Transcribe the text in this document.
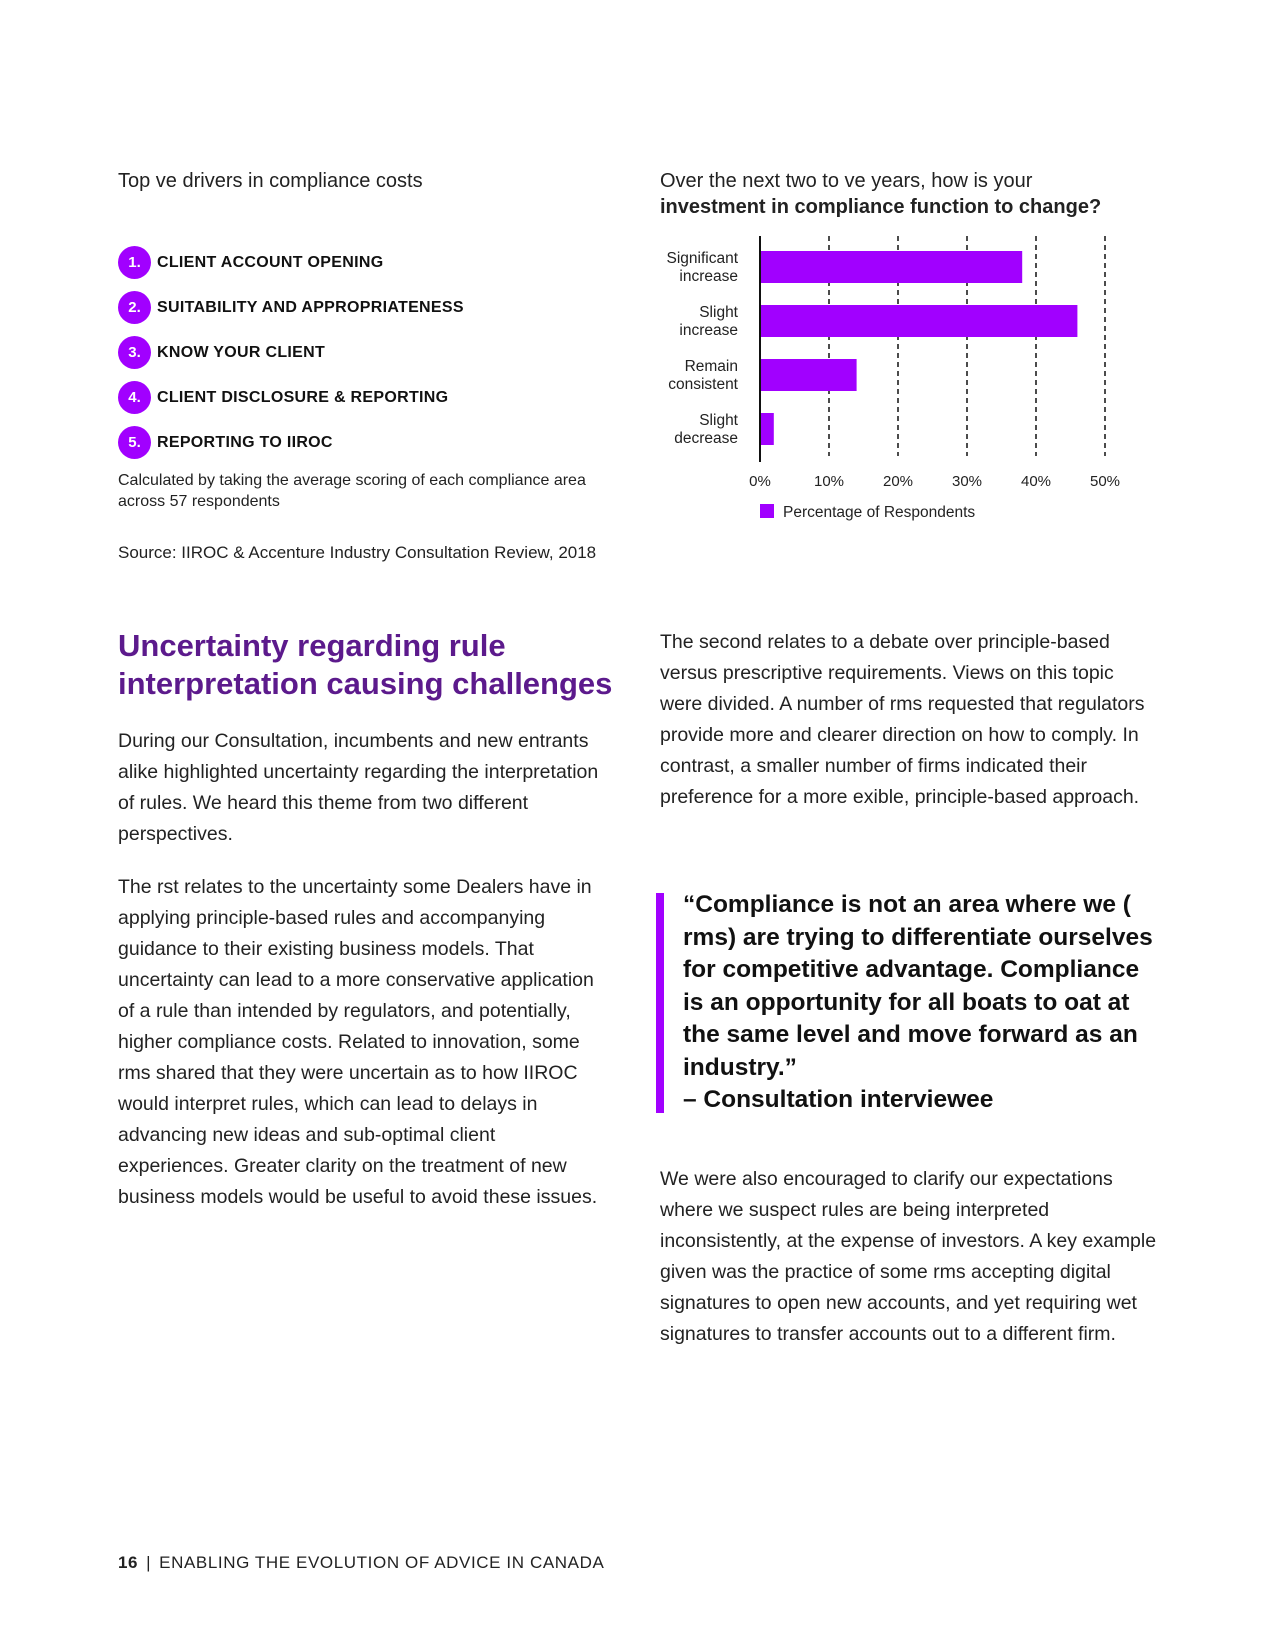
Top ve drivers in compliance costs
1.	CLIENT ACCOUNT OPENING
2.	SUITABILITY AND APPROPRIATENESS
3.	KNOW YOUR CLIENT
4.	CLIENT DISCLOSURE & REPORTING
5.	REPORTING TO IIROC
Calculated by taking the average scoring of each compliance area across 57 respondents
Over the next two to ve years, how is your
investment in compliance function to change?
0%	10%	20%	30%	40%	50%
Significant
increase
Slight
increase
Remain
consistent
Slight
decrease
Percentage of Respondents
Source: IIROC & Accenture Industry Consultation Review, 2018
Uncertainty regarding rule interpretation causing challenges

During our Consultation, incumbents and new entrants alike highlighted uncertainty regarding the interpretation of rules. We heard this theme from two different perspectives.

The rst relates to the uncertainty some Dealers have in applying principle-based rules and accompanying guidance to their existing business models. That uncertainty can lead to a more conservative application of a rule than intended by regulators, and potentially, higher compliance costs. Related to innovation, some rms shared that they were uncertain as to how IIROC would interpret rules, which can lead to delays in advancing new ideas and sub-optimal client experiences. Greater clarity on the treatment of new business models would be useful to avoid these issues.

The second relates to a debate over principle-based versus prescriptive requirements. Views on this topic were divided. A number of rms requested that regulators provide more and clearer direction on how to comply. In contrast, a smaller number of firms indicated their preference for a more exible, principle-based approach.

“Compliance is not an area where we ( rms) are trying to differentiate ourselves for competitive advantage. Compliance is an opportunity for all boats to oat at the same level and move forward as an industry.”
– Consultation interviewee

We were also encouraged to clarify our expectations where we suspect rules are being interpreted inconsistently, at the expense of investors. A key example given was the practice of some rms accepting digital signatures to open new accounts, and yet requiring wet signatures to transfer accounts out to a different firm.

16 | ENABLING THE EVOLUTION OF ADVICE IN CANADA
